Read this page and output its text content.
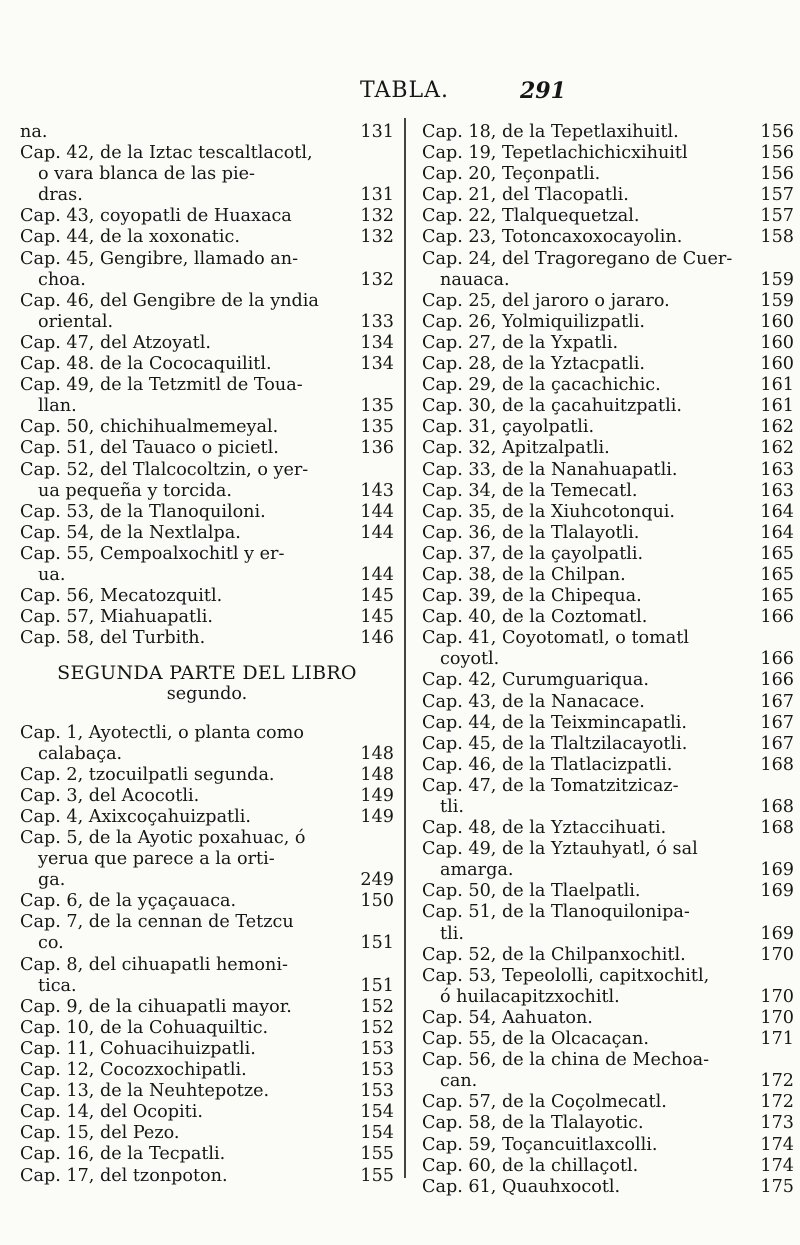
TABLA.	291
na.	131
Cap. 42, de la Iztac tescaltlacotl,
o vara blanca de las pie-
dras.	131
Cap. 43, coyopatli de Huaxaca	132
Cap. 44, de la xoxonatic.	132
Cap. 45, Gengibre, llamado an-
choa.	132
Cap. 46, del Gengibre de la yndia
oriental.	133
Cap. 47, del Atzoyatl.	134
Cap. 48. de la Cococaquilitl.	134
Cap. 49, de la Tetzmitl de Toua-
llan.	135
Cap. 50, chichihualmemeyal.	135
Cap. 51, del Tauaco o picietl.	136
Cap. 52, del Tlalcocoltzin, o yer-
ua pequeña y torcida.	143
Cap. 53, de la Tlanoquiloni.	144
Cap. 54, de la Nextlalpa.	144
Cap. 55, Cempoalxochitl y er-
ua.	144
Cap. 56, Mecatozquitl.	145
Cap. 57, Miahuapatli.	145
Cap. 58, del Turbith.	146
SEGUNDA PARTE DEL LIBRO
segundo.
Cap. 1, Ayotectli, o planta como
calabaça.	148
Cap. 2, tzocuilpatli segunda.	148
Cap. 3, del Acocotli.	149
Cap. 4, Axixcoçahuizpatli.	149
Cap. 5, de la Ayotic poxahuac, ó
yerua que parece a la orti-
ga.	249
Cap. 6, de la yçaçauaca.	150
Cap. 7, de la cennan de Tetzcu
co.	151
Cap. 8, del cihuapatli hemoni-
tica.	151
Cap. 9, de la cihuapatli mayor.	152
Cap. 10, de la Cohuaquiltic.	152
Cap. 11, Cohuacihuizpatli.	153
Cap. 12, Cocozxochipatli.	153
Cap. 13, de la Neuhtepotze.	153
Cap. 14, del Ocopiti.	154
Cap. 15, del Pezo.	154
Cap. 16, de la Tecpatli.	155
Cap. 17, del tzonpoton.	155
Cap. 18, de la Tepetlaxihuitl.	156
Cap. 19, Tepetlachichicxihuitl	156
Cap. 20, Teçonpatli.	156
Cap. 21, del Tlacopatli.	157
Cap. 22, Tlalquequetzal.	157
Cap. 23, Totoncaxoxocayolin.	158
Cap. 24, del Tragoregano de Cuer-
nauaca.	159
Cap. 25, del jaroro o jararo.	159
Cap. 26, Yolmiquilizpatli.	160
Cap. 27, de la Yxpatli.	160
Cap. 28, de la Yztacpatli.	160
Cap. 29, de la çacachichic.	161
Cap. 30, de la çacahuitzpatli.	161
Cap. 31, çayolpatli.	162
Cap. 32, Apitzalpatli.	162
Cap. 33, de la Nanahuapatli.	163
Cap. 34, de la Temecatl.	163
Cap. 35, de la Xiuhcotonqui.	164
Cap. 36, de la Tlalayotli.	164
Cap. 37, de la çayolpatli.	165
Cap. 38, de la Chilpan.	165
Cap. 39, de la Chipequa.	165
Cap. 40, de la Coztomatl.	166
Cap. 41, Coyotomatl, o tomatl
coyotl.	166
Cap. 42, Curumguariqua.	166
Cap. 43, de la Nanacace.	167
Cap. 44, de la Teixmincapatli.	167
Cap. 45, de la Tlaltzilacayotli.	167
Cap. 46, de la Tlatlacizpatli.	168
Cap. 47, de la Tomatzitzicaz-
tli.	168
Cap. 48, de la Yztaccihuati.	168
Cap. 49, de la Yztauhyatl, ó sal
amarga.	169
Cap. 50, de la Tlaelpatli.	169
Cap. 51, de la Tlanoquilonipa-
tli.	169
Cap. 52, de la Chilpanxochitl.	170
Cap. 53, Tepeololli, capitxochitl,
ó huilacapitzxochitl.	170
Cap. 54, Aahuaton.	170
Cap. 55, de la Olcacaçan.	171
Cap. 56, de la china de Mechoa-
can.	172
Cap. 57, de la Coçolmecatl.	172
Cap. 58, de la Tlalayotic.	173
Cap. 59, Toçancuitlaxcolli.	174
Cap. 60, de la chillaçotl.	174
Cap. 61, Quauhxocotl.	175
